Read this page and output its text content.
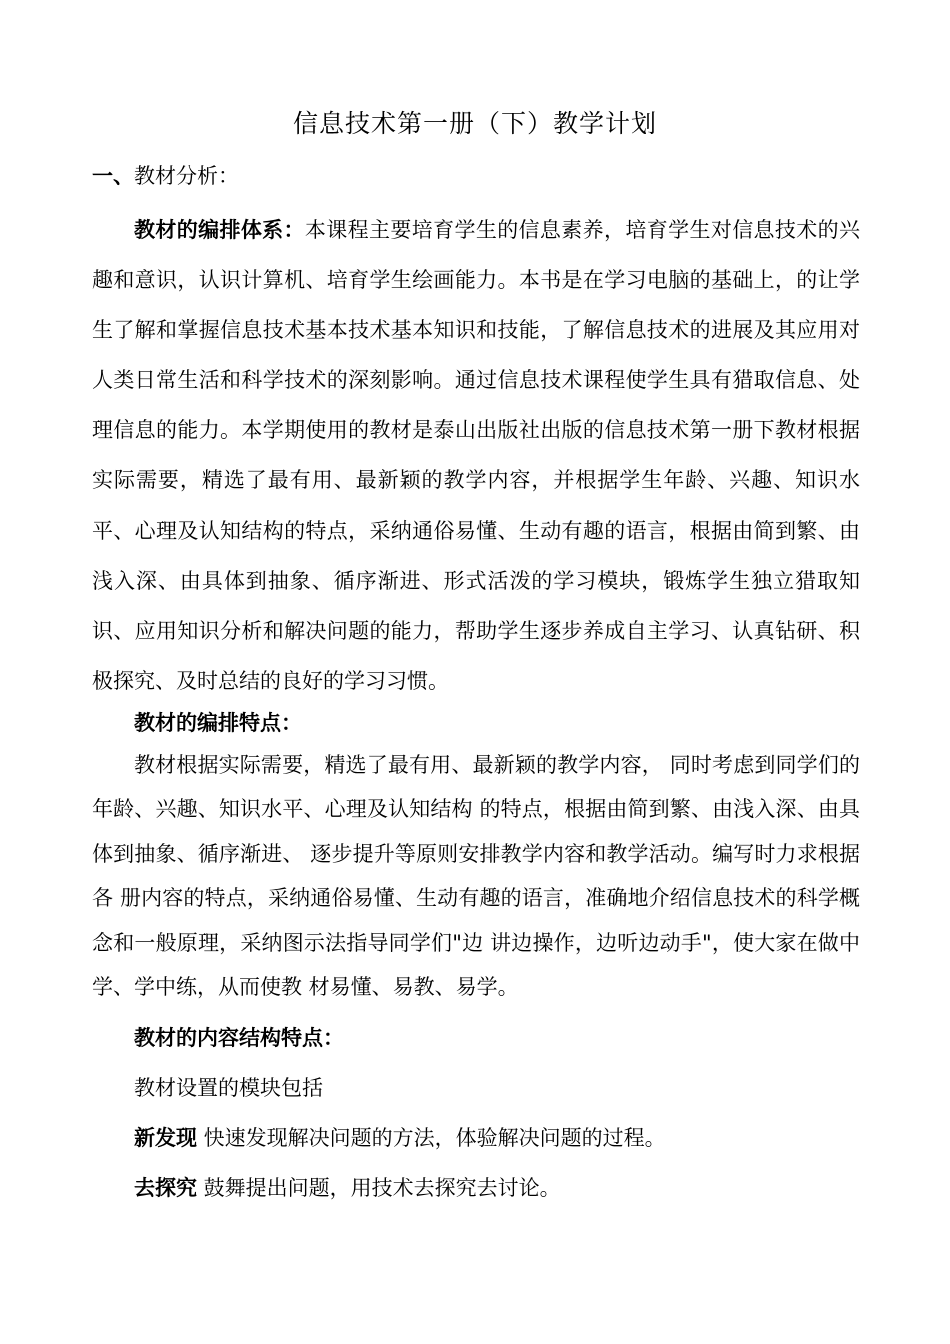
信息技术第一册（下）教学计划
一、教材分析：
教材的编排体系：本课程主要培育学生的信息素养，培育学生对信息技术的兴趣和意识，认识计算机、培育学生绘画能力。本书是在学习电脑的基础上，的让学生了解和掌握信息技术基本技术基本知识和技能，了解信息技术的进展及其应用对人类日常生活和科学技术的深刻影响。通过信息技术课程使学生具有猎取信息、处理信息的能力。本学期使用的教材是泰山出版社出版的信息技术第一册下教材根据实际需要，精选了最有用、最新颖的教学内容，并根据学生年龄、兴趣、知识水平、心理及认知结构的特点，采纳通俗易懂、生动有趣的语言，根据由简到繁、由浅入深、由具体到抽象、循序渐进、形式活泼的学习模块，锻炼学生独立猎取知识、应用知识分析和解决问题的能力，帮助学生逐步养成自主学习、认真钻研、积极探究、及时总结的良好的学习习惯。
教材的编排特点：
教材根据实际需要，精选了最有用、最新颖的教学内容， 同时考虑到同学们的年龄、兴趣、知识水平、心理及认知结构 的特点，根据由简到繁、由浅入深、由具体到抽象、循序渐进、 逐步提升等原则安排教学内容和教学活动。编写时力求根据各 册内容的特点，采纳通俗易懂、生动有趣的语言，准确地介绍信息技术的科学概念和一般原理，采纳图示法指导同学们"边 讲边操作，边听边动手"，使大家在做中学、学中练，从而使教 材易懂、易教、易学。
教材的内容结构特点：
教材设置的模块包括
新发现 快速发现解决问题的方法，体验解决问题的过程。
去探究 鼓舞提出问题，用技术去探究去讨论。
